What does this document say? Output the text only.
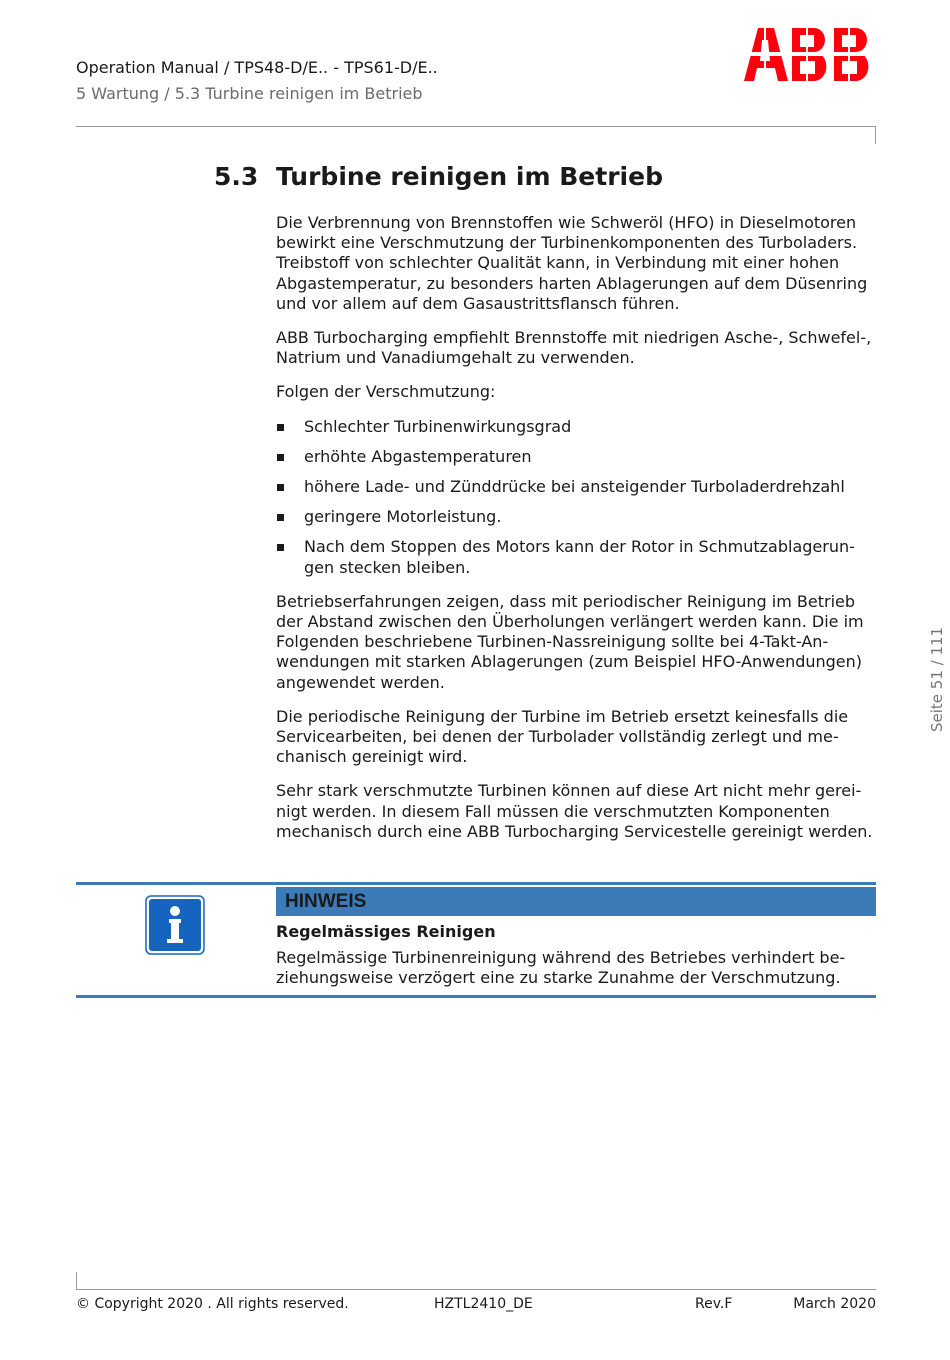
Operation Manual / TPS48-D/E.. - TPS61-D/E..
5 Wartung / 5.3 Turbine reinigen im Betrieb
5.3 Turbine reinigen im Betrieb

Die Verbrennung von Brennstoffen wie Schweröl (HFO) in Dieselmotoren bewirkt eine Verschmutzung der Turbinenkomponenten des Turboladers. Treibstoff von schlechter Qualität kann, in Verbindung mit einer hohen Abgastemperatur, zu besonders harten Ablagerungen auf dem Düsenring und vor allem auf dem Gasaustrittsflansch führen.

ABB Turbocharging empfiehlt Brennstoffe mit niedrigen Asche-, Schwefel-, Natrium und Vanadiumgehalt zu verwenden.

Folgen der Verschmutzung:

Schlechter Turbinenwirkungsgrad
erhöhte Abgastemperaturen
höhere Lade- und Zünddrücke bei ansteigender Turboladerdrehzahl
geringere Motorleistung.
Nach dem Stoppen des Motors kann der Rotor in Schmutzablagerungen stecken bleiben.

Betriebserfahrungen zeigen, dass mit periodischer Reinigung im Betrieb der Abstand zwischen den Überholungen verlängert werden kann. Die im Folgenden beschriebene Turbinen-Nassreinigung sollte bei 4-Takt-Anwendungen mit starken Ablagerungen (zum Beispiel HFO-Anwendungen) angewendet werden.

Die periodische Reinigung der Turbine im Betrieb ersetzt keinesfalls die Servicearbeiten, bei denen der Turbolader vollständig zerlegt und mechanisch gereinigt wird.

Sehr stark verschmutzte Turbinen können auf diese Art nicht mehr gereinigt werden. In diesem Fall müssen die verschmutzten Komponenten mechanisch durch eine ABB Turbocharging Servicestelle gereinigt werden.

Seite 51 / 111
HINWEIS
Regelmässiges Reinigen
Regelmässige Turbinenreinigung während des Betriebes verhindert beziehungsweise verzögert eine zu starke Zunahme der Verschmutzung.
© Copyright 2020 . All rights reserved.	HZTL2410_DE	Rev.F	March 2020
